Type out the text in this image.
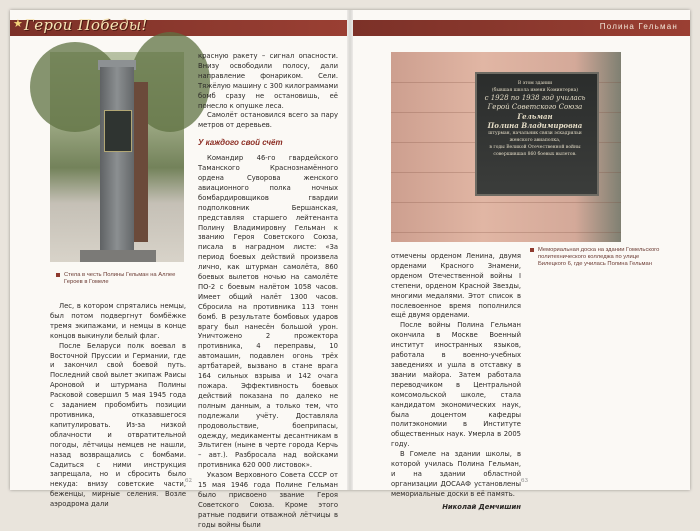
★ Герои Победы!	Полина Гельман
Стела в честь Полины Гельман на Аллее Героев в Гомеле

Лес, в котором спрятались немцы, был потом подвергнут бомбёжке тремя экипажами, и немцы в конце концов выкинули белый флаг.

После Беларуси полк воевал в Восточной Пруссии и Германии, где и закончил свой боевой путь. Последний свой вылет экипаж Раисы Ароновой и штурмана Полины Расковой совершил 5 мая 1945 года с заданием пробомбить позиции противника, отказавшегося капитулировать. Из-за низкой облачности и отвратительной погоды, лётчицы немцев не нашли, назад возвращались с бомбами. Садиться с ними инструкция запрещала, но и сбросить было некуда: внизу советские части, беженцы, мирные селения. Возле аэродрома дали

красную ракету – сигнал опасности. Внизу освободили полосу, дали направление фонариком. Сели. Тяжёлую машину с 300 килограммами бомб сразу не остановишь, её понесло к опушке леса.

Самолёт остановился всего за пару метров от деревьев.

У каждого свой счёт

Командир 46-го гвардейского Таманского Краснознамённого ордена Суворова женского авиационного полка ночных бомбардировщиков гвардии подполковник Бершанская, представляя старшего лейтенанта Полину Владимировну Гельман к званию Героя Советского Союза, писала в наградном листе: «За период боевых действий произвела лично, как штурман самолёта, 860 боевых вылетов ночью на самолёте ПО-2 с боевым налётом 1058 часов. Имеет общий налёт 1300 часов. Сбросила на противника 113 тонн бомб. В результате бомбовых ударов врагу был нанесён большой урон. Уничтожено 2 прожектора противника, 4 переправы, 10 автомашин, подавлен огонь трёх артбатарей, вызвано в стане врага 164 сильных взрыва и 142 очага пожара. Эффективность боевых действий показана по далеко не полным данным, а только тем, что подлежали учёту. Доставляла продовольствие, боеприпасы, одежду, медикаменты десантникам в Эльтиген (ныне в черте города Керчь – авт.). Разбросала над войсками противника 620 000 листовок».

Указом Верховного Совета СССР от 15 мая 1946 года Полине Гельман было присвоено звание Героя Советского Союза. Кроме этого ратные подвиги отважной лётчицы в годы войны были

62
В этом здании
(бывшая школа имени Коминтерна)
с 1928 по 1938 год училась
Герой Советского Союза
Гельман
Полина Владимировна
штурман, начальник связи эскадрильи
женского авиаполка,
в годы Великой Отечественной войны
совершившая 860 боевых вылетов.
Мемориальная доска на здании Гомельского политехнического колледжа по улице Билецкого 6, где училась Полина Гельман

отмечены орденом Ленина, двумя орденами Красного Знамени, орденом Отечественной войны I степени, орденом Красной Звезды, многими медалями. Этот список в послевоенное время пополнился ещё двумя орденами.

После войны Полина Гельман окончила в Москве Военный институт иностранных языков, работала в военно-учебных заведениях и ушла в отставку в звании майора. Затем работала переводчиком в Центральной комсомольской школе, стала кандидатом экономических наук, была доцентом кафедры политэкономии в Институте общественных наук. Умерла в 2005 году.

В Гомеле на здании школы, в которой училась Полина Гельман, и на здании областной организации ДОСААФ установлены мемориальные доски в её память.

Николай Демчишин
63
